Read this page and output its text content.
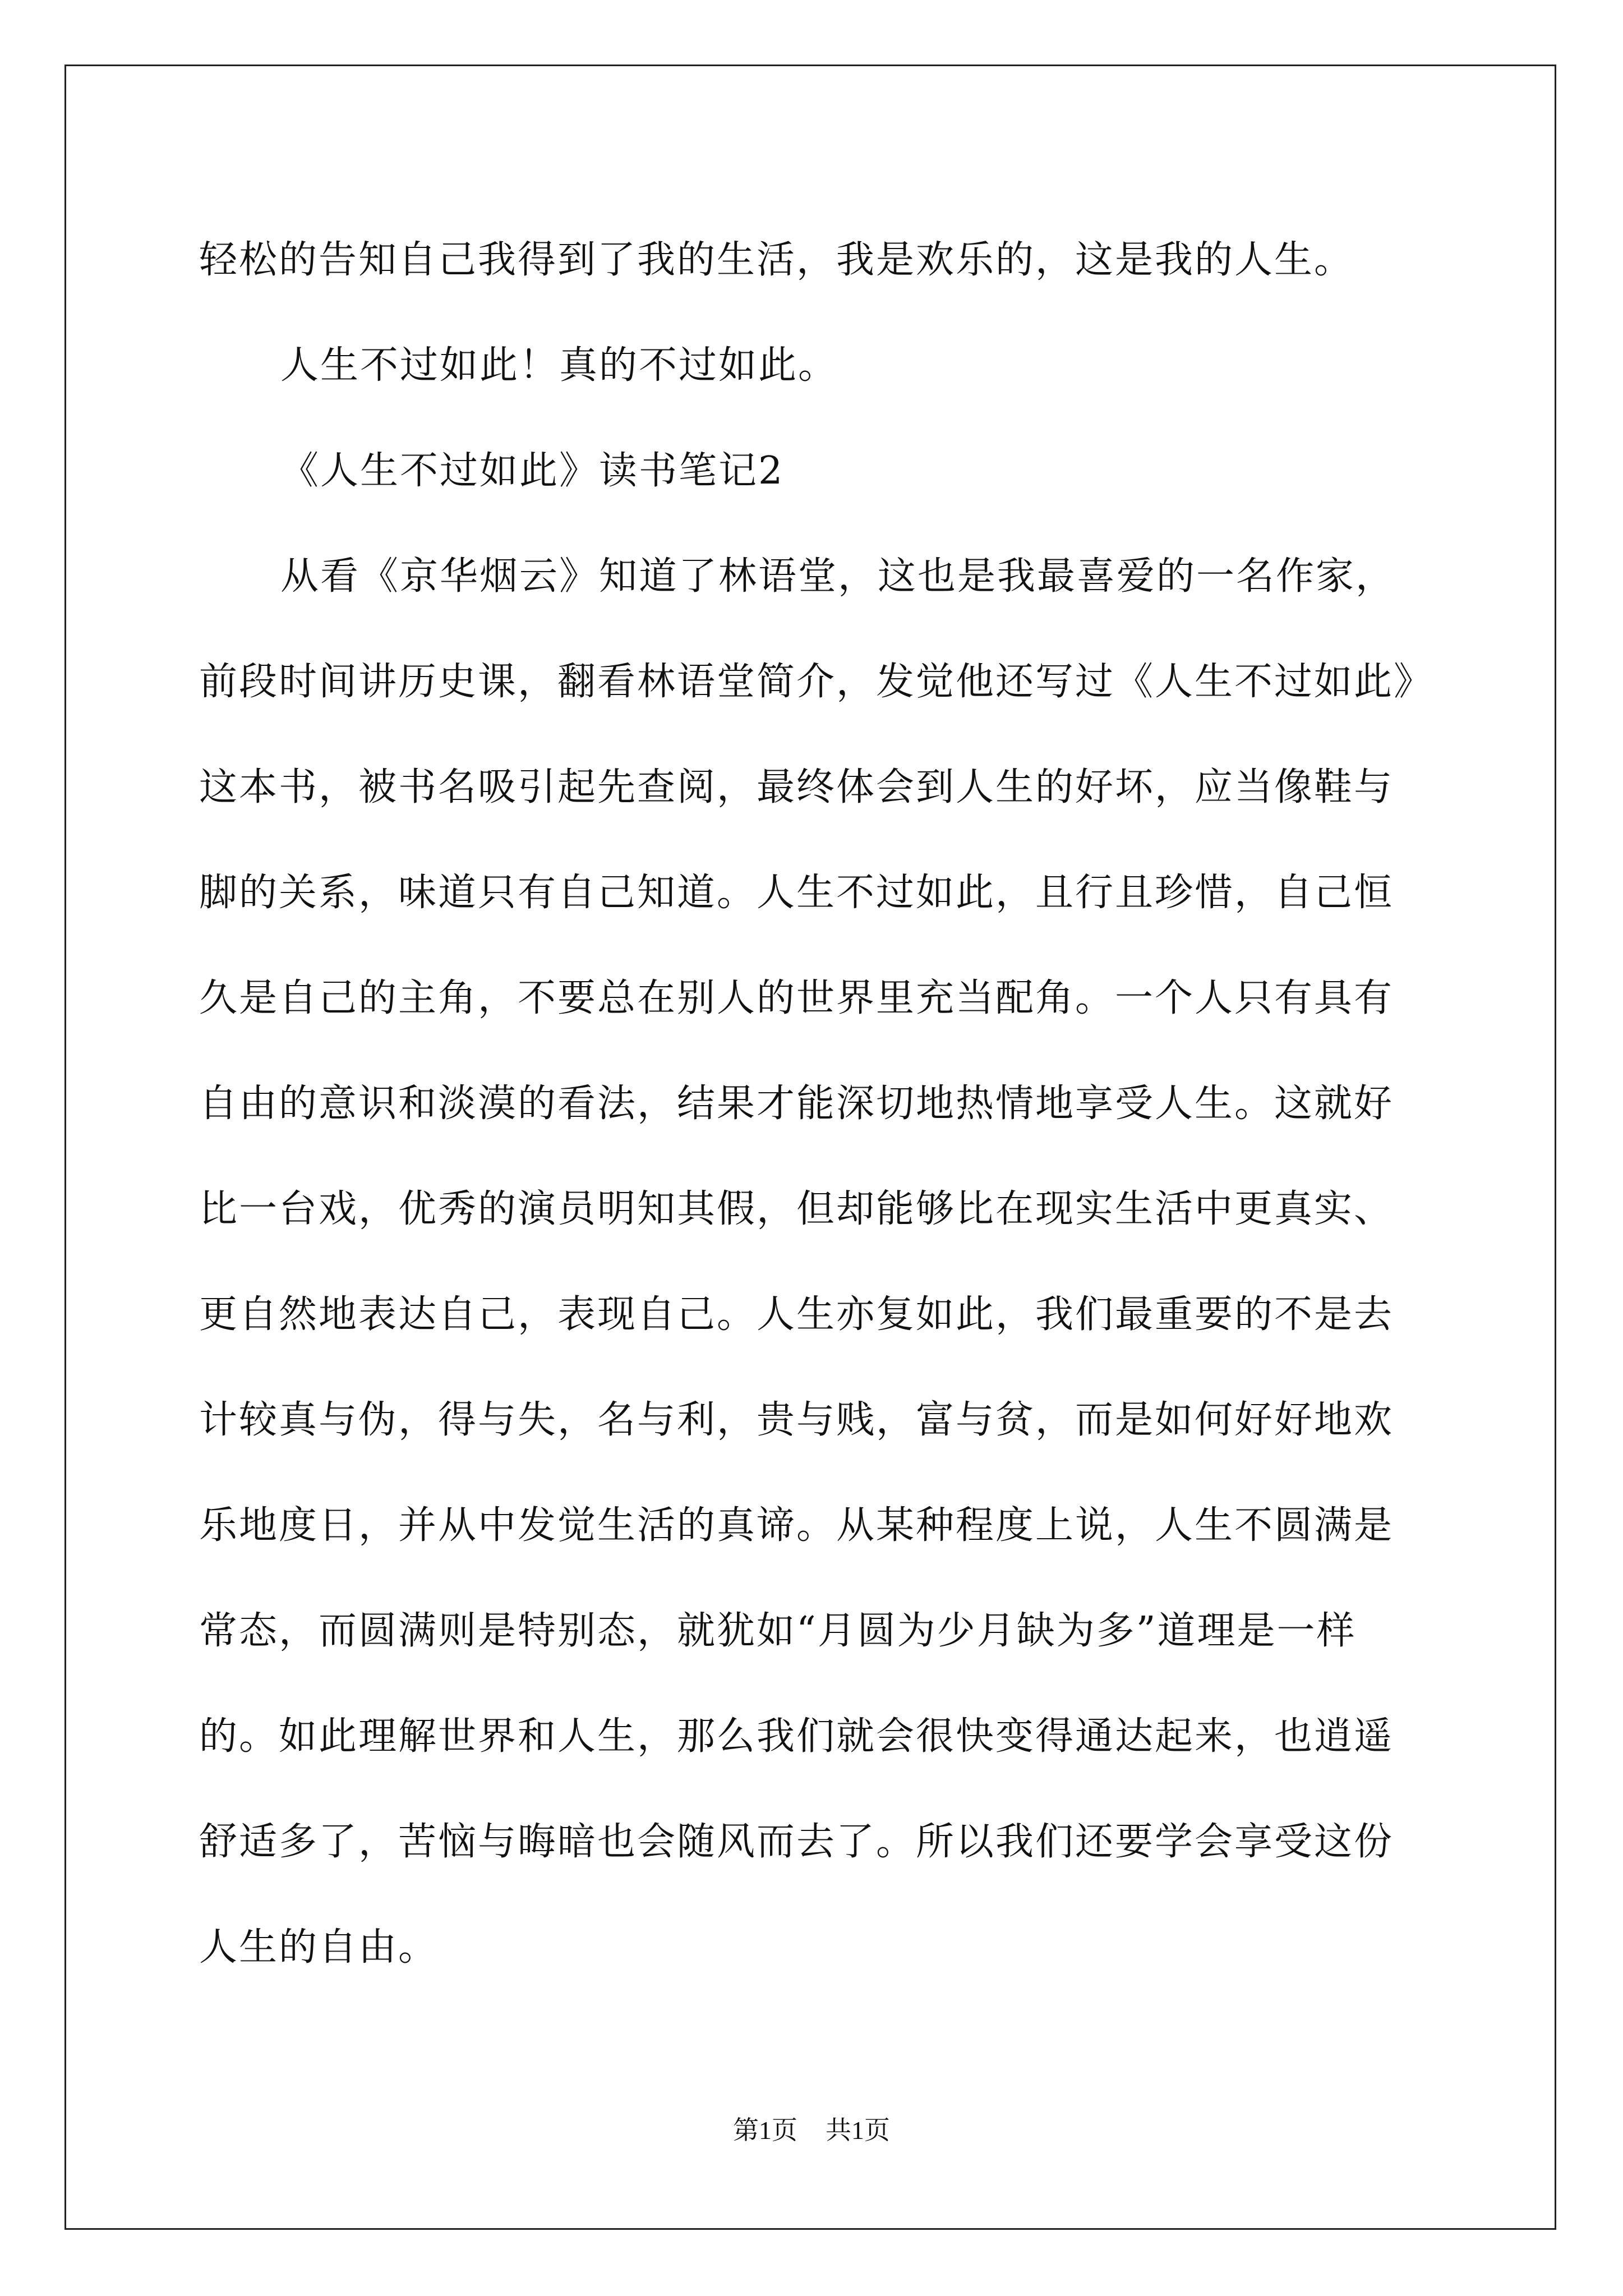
轻松的告知自己我得到了我的生活，我是欢乐的，这是我的人生。
人生不过如此！真的不过如此。
《人生不过如此》读书笔记2
从看《京华烟云》知道了林语堂，这也是我最喜爱的一名作家，
前段时间讲历史课，翻看林语堂简介，发觉他还写过《人生不过如此》
这本书，被书名吸引起先查阅，最终体会到人生的好坏，应当像鞋与
脚的关系，味道只有自己知道。人生不过如此，且行且珍惜，自己恒
久是自己的主角，不要总在别人的世界里充当配角。一个人只有具有
自由的意识和淡漠的看法，结果才能深切地热情地享受人生。这就好
比一台戏，优秀的演员明知其假，但却能够比在现实生活中更真实、
更自然地表达自己，表现自己。人生亦复如此，我们最重要的不是去
计较真与伪，得与失，名与利，贵与贱，富与贫，而是如何好好地欢
乐地度日，并从中发觉生活的真谛。从某种程度上说，人生不圆满是
常态，而圆满则是特别态，就犹如“月圆为少月缺为多”道理是一样
的。如此理解世界和人生，那么我们就会很快变得通达起来，也逍遥
舒适多了，苦恼与晦暗也会随风而去了。所以我们还要学会享受这份
人生的自由。
第1页 共1页
